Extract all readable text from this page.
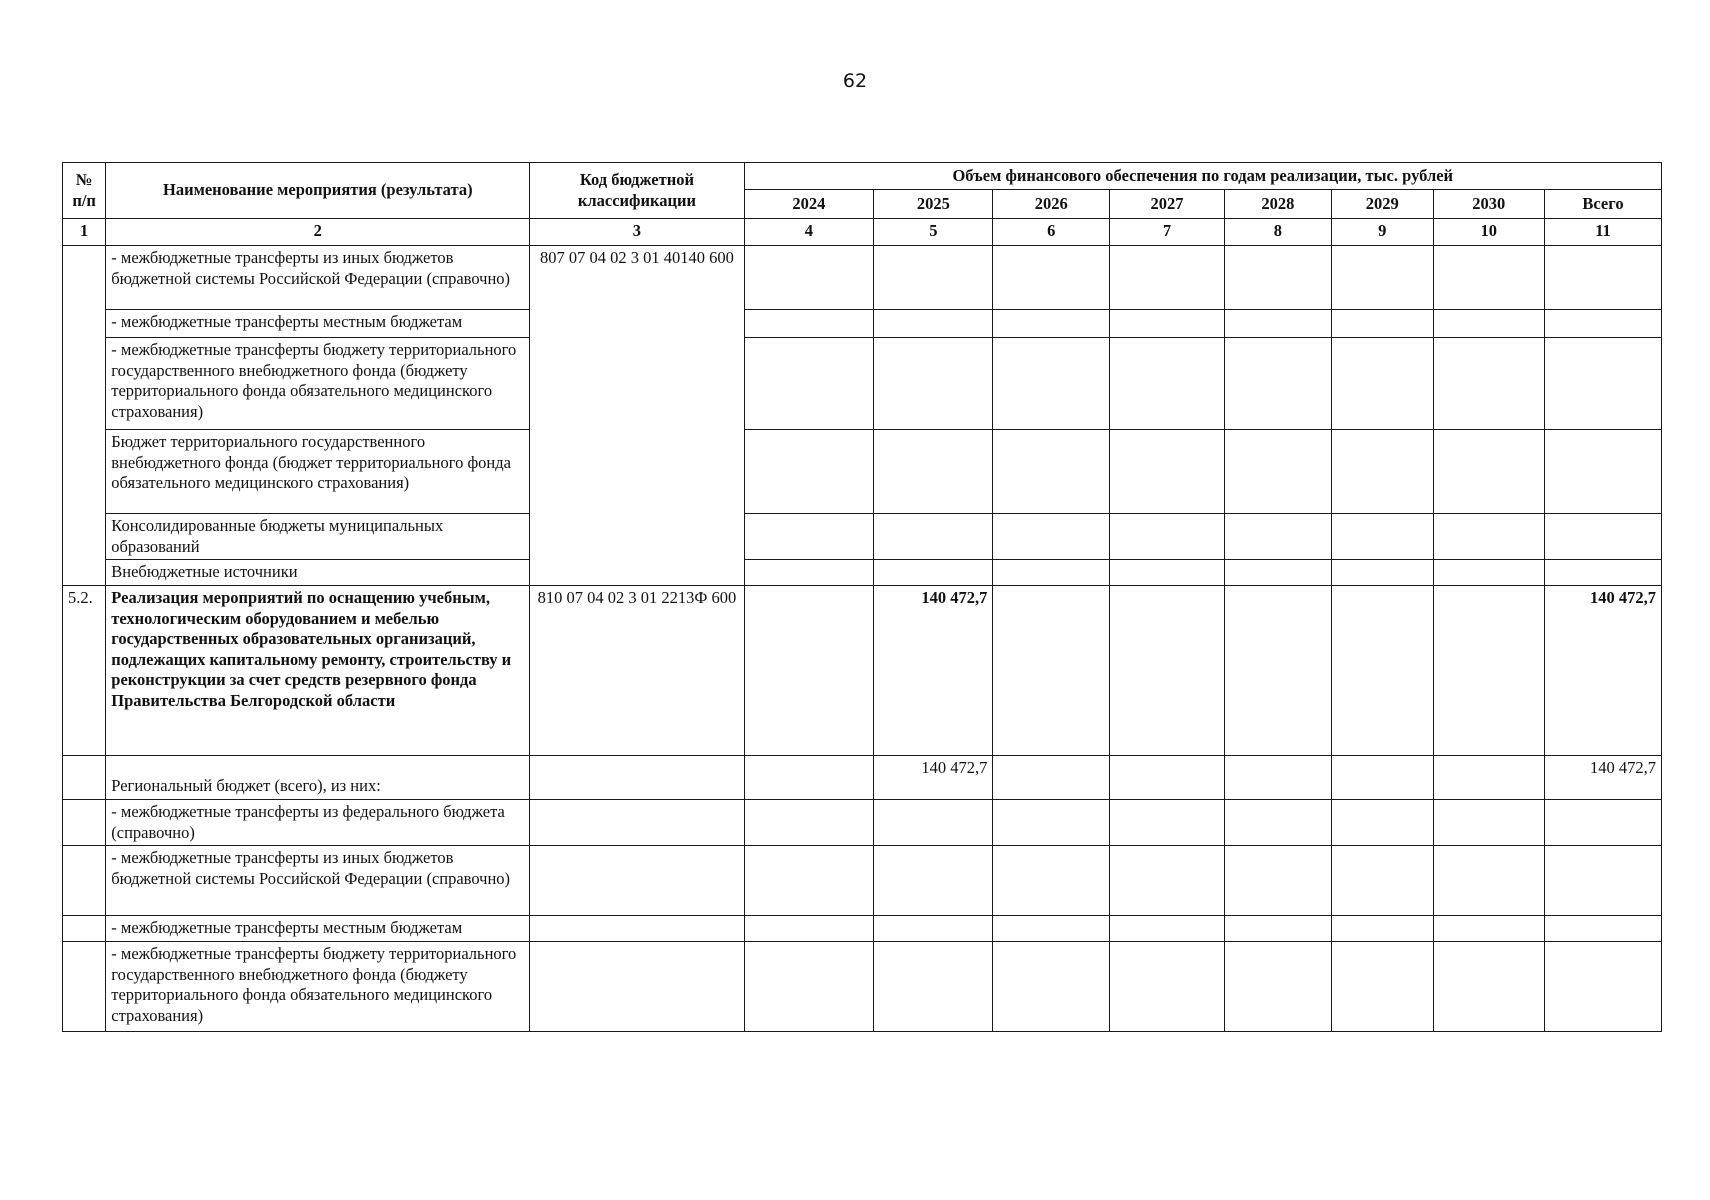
62
№ п/п	Наименование мероприятия (результата)	Код бюджетной классификации	Объем финансового обеспечения по годам реализации, тыс. рублей							
			2024	2025	2026	2027	2028	2029	2030	Всего
1	2	3	4	5	6	7	8	9	10	11
	- межбюджетные трансферты из иных бюджетов бюджетной системы Российской Федерации (справочно)	807 07 04 02 3 01 40140 600								
	- межбюджетные трансферты местным бюджетам									
	- межбюджетные трансферты бюджету территориального государственного внебюджетного фонда (бюджету территориального фонда обязательного медицинского страхования)									
	Бюджет территориального государственного внебюджетного фонда (бюджет территориального фонда обязательного медицинского страхования)									
	Консолидированные бюджеты муниципальных образований									
	Внебюджетные источники									
5.2.	Реализация мероприятий по оснащению учебным, технологическим оборудованием и мебелью государственных образовательных организаций, подлежащих капитальному ремонту, строительству и реконструкции за счет средств резервного фонда Правительства Белгородской области	810 07 04 02 3 01 2213Ф 600		140 472,7						140 472,7
	Региональный бюджет (всего), из них:			140 472,7						140 472,7
	- межбюджетные трансферты из федерального бюджета (справочно)									
	- межбюджетные трансферты из иных бюджетов бюджетной системы Российской Федерации (справочно)									
	- межбюджетные трансферты местным бюджетам									
	- межбюджетные трансферты бюджету территориального государственного внебюджетного фонда (бюджету территориального фонда обязательного медицинского страхования)									
